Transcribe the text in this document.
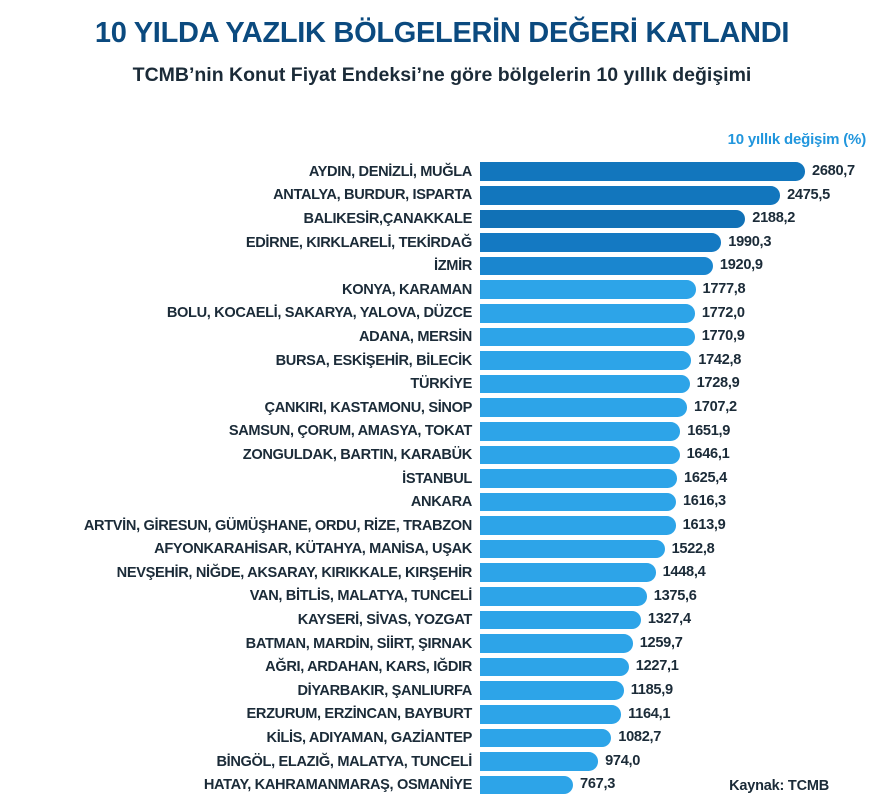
10 YILDA YAZLIK BÖLGELERİN DEĞERİ KATLANDI
TCMB’nin Konut Fiyat Endeksi’ne göre bölgelerin 10 yıllık değişimi
10 yıllık değişim (%)
AYDIN, DENİZLİ, MUĞLA	2680,7
ANTALYA, BURDUR, ISPARTA	2475,5
BALIKESİR,ÇANAKKALE	2188,2
EDİRNE, KIRKLARELİ, TEKİRDAĞ	1990,3
İZMİR	1920,9
KONYA, KARAMAN	1777,8
BOLU, KOCAELİ, SAKARYA, YALOVA, DÜZCE	1772,0
ADANA, MERSİN	1770,9
BURSA, ESKİŞEHİR, BİLECİK	1742,8
TÜRKİYE	1728,9
ÇANKIRI, KASTAMONU, SİNOP	1707,2
SAMSUN, ÇORUM, AMASYA, TOKAT	1651,9
ZONGULDAK, BARTIN, KARABÜK	1646,1
İSTANBUL	1625,4
ANKARA	1616,3
ARTVİN, GİRESUN, GÜMÜŞHANE, ORDU, RİZE, TRABZON	1613,9
AFYONKARAHİSAR, KÜTAHYA, MANİSA, UŞAK	1522,8
NEVŞEHİR, NİĞDE, AKSARAY, KIRIKKALE, KIRŞEHİR	1448,4
VAN, BİTLİS, MALATYA, TUNCELİ	1375,6
KAYSERİ, SİVAS, YOZGAT	1327,4
BATMAN, MARDİN, SİİRT, ŞIRNAK	1259,7
AĞRI, ARDAHAN, KARS, IĞDIR	1227,1
DİYARBAKIR, ŞANLIURFA	1185,9
ERZURUM, ERZİNCAN, BAYBURT	1164,1
KİLİS, ADIYAMAN, GAZİANTEP	1082,7
BİNGÖL, ELAZIĞ, MALATYA, TUNCELİ	974,0
HATAY, KAHRAMANMARAŞ, OSMANİYE	767,3	Kaynak: TCMB
